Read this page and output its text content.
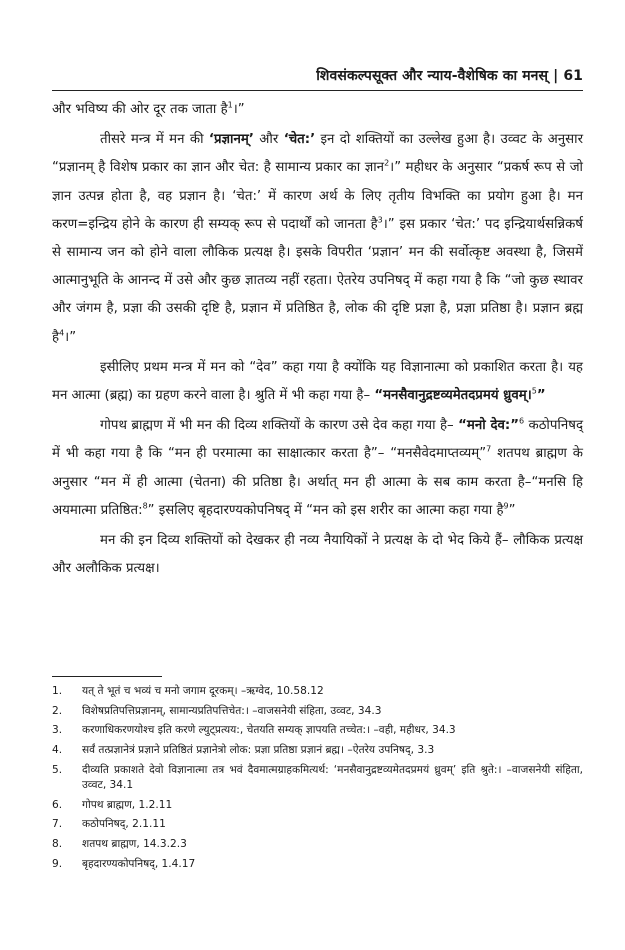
शिवसंकल्पसूक्त और न्याय-वैशेषिक का मनस् | 61

और भविष्य की ओर दूर तक जाता है$^1$।”

तीसरे मन्त्र में मन की ‘प्रज्ञानम्’ और ‘चेत:’ इन दो शक्तियों का उल्लेख हुआ है। उव्वट के अनुसार “प्रज्ञानम् है विशेष प्रकार का ज्ञान और चेत: है सामान्य प्रकार का ज्ञान$^2$।” महीधर के अनुसार “प्रकर्ष रूप से जो ज्ञान उत्पन्न होता है, वह प्रज्ञान है। ‘चेत:’ में कारण अर्थ के लिए तृतीय विभक्ति का प्रयोग हुआ है। मन करण=इन्द्रिय होने के कारण ही सम्यक् रूप से पदार्थों को जानता है$^3$।” इस प्रकार ‘चेत:’ पद इन्द्रियार्थसन्निकर्ष से सामान्य जन को होने वाला लौकिक प्रत्यक्ष है। इसके विपरीत ‘प्रज्ञान’ मन की सर्वोत्कृष्ट अवस्था है, जिसमें आत्मानुभूति के आनन्द में उसे और कुछ ज्ञातव्य नहीं रहता। ऐतरेय उपनिषद् में कहा गया है कि “जो कुछ स्थावर और जंगम है, प्रज्ञा की उसकी दृष्टि है, प्रज्ञान में प्रतिष्ठित है, लोक की दृष्टि प्रज्ञा है, प्रज्ञा प्रतिष्ठा है। प्रज्ञान ब्रह्म है$^4$।”

इसीलिए प्रथम मन्त्र में मन को “देव” कहा गया है क्योंकि यह विज्ञानात्मा को प्रकाशित करता है। यह मन आत्मा (ब्रह्म) का ग्रहण करने वाला है। श्रुति में भी कहा गया है– “मनसैवानुद्रष्टव्यमेतदप्रमयं ध्रुवम्।$^5$”

गोपथ ब्राह्मण में भी मन की दिव्य शक्तियों के कारण उसे देव कहा गया है– “मनो देव:”$^6$ कठोपनिषद् में भी कहा गया है कि “मन ही परमात्मा का साक्षात्कार करता है”– “मनसैवेदमाप्तव्यम्”$^7$ शतपथ ब्राह्मण के अनुसार “मन में ही आत्मा (चेतना) की प्रतिष्ठा है। अर्थात् मन ही आत्मा के सब काम करता है–“मनसि हि अयमात्मा प्रतिष्ठित:$^8$” इसलिए बृहदारण्यकोपनिषद् में “मन को इस शरीर का आत्मा कहा गया है$^9$”

मन की इन दिव्य शक्तियों को देखकर ही नव्य नैयायिकों ने प्रत्यक्ष के दो भेद किये हैं– लौकिक प्रत्यक्ष और अलौकिक प्रत्यक्ष।

1.	यत् ते भूतं च भव्यं च मनो जगाम दूरकम्। –ऋग्वेद, 10.58.12
2.	विशेषप्रतिपत्तिप्रज्ञानम्, सामान्यप्रतिपत्तिचेत:। –वाजसनेयी संहिता, उव्वट, 34.3
3.	करणाधिकरणयोश्च इति करणे ल्युट्प्रत्यय:, चेतयति सम्यक् ज्ञापयति तच्चेत:। –वही, महीधर, 34.3
4.	सर्वं तत्प्रज्ञानेत्रं प्रज्ञाने प्रतिष्ठितं प्रज्ञानेत्रो लोक: प्रज्ञा प्रतिष्ठा प्रज्ञानं ब्रह्म। –ऐतरेय उपनिषद्, 3.3
5.	दीव्यति प्रकाशते देवो विज्ञानात्मा तत्र भवं दैवमात्मग्राहकमित्यर्थ: ‘मनसैवानुद्रष्टव्यमेतदप्रमयं ध्रुवम्’ इति श्रुते:। –वाजसनेयी संहिता, उव्वट, 34.1
6.	गोपथ ब्राह्मण, 1.2.11
7.	कठोपनिषद्, 2.1.11
8.	शतपथ ब्राह्मण, 14.3.2.3
9.	बृहदारण्यकोपनिषद्, 1.4.17
